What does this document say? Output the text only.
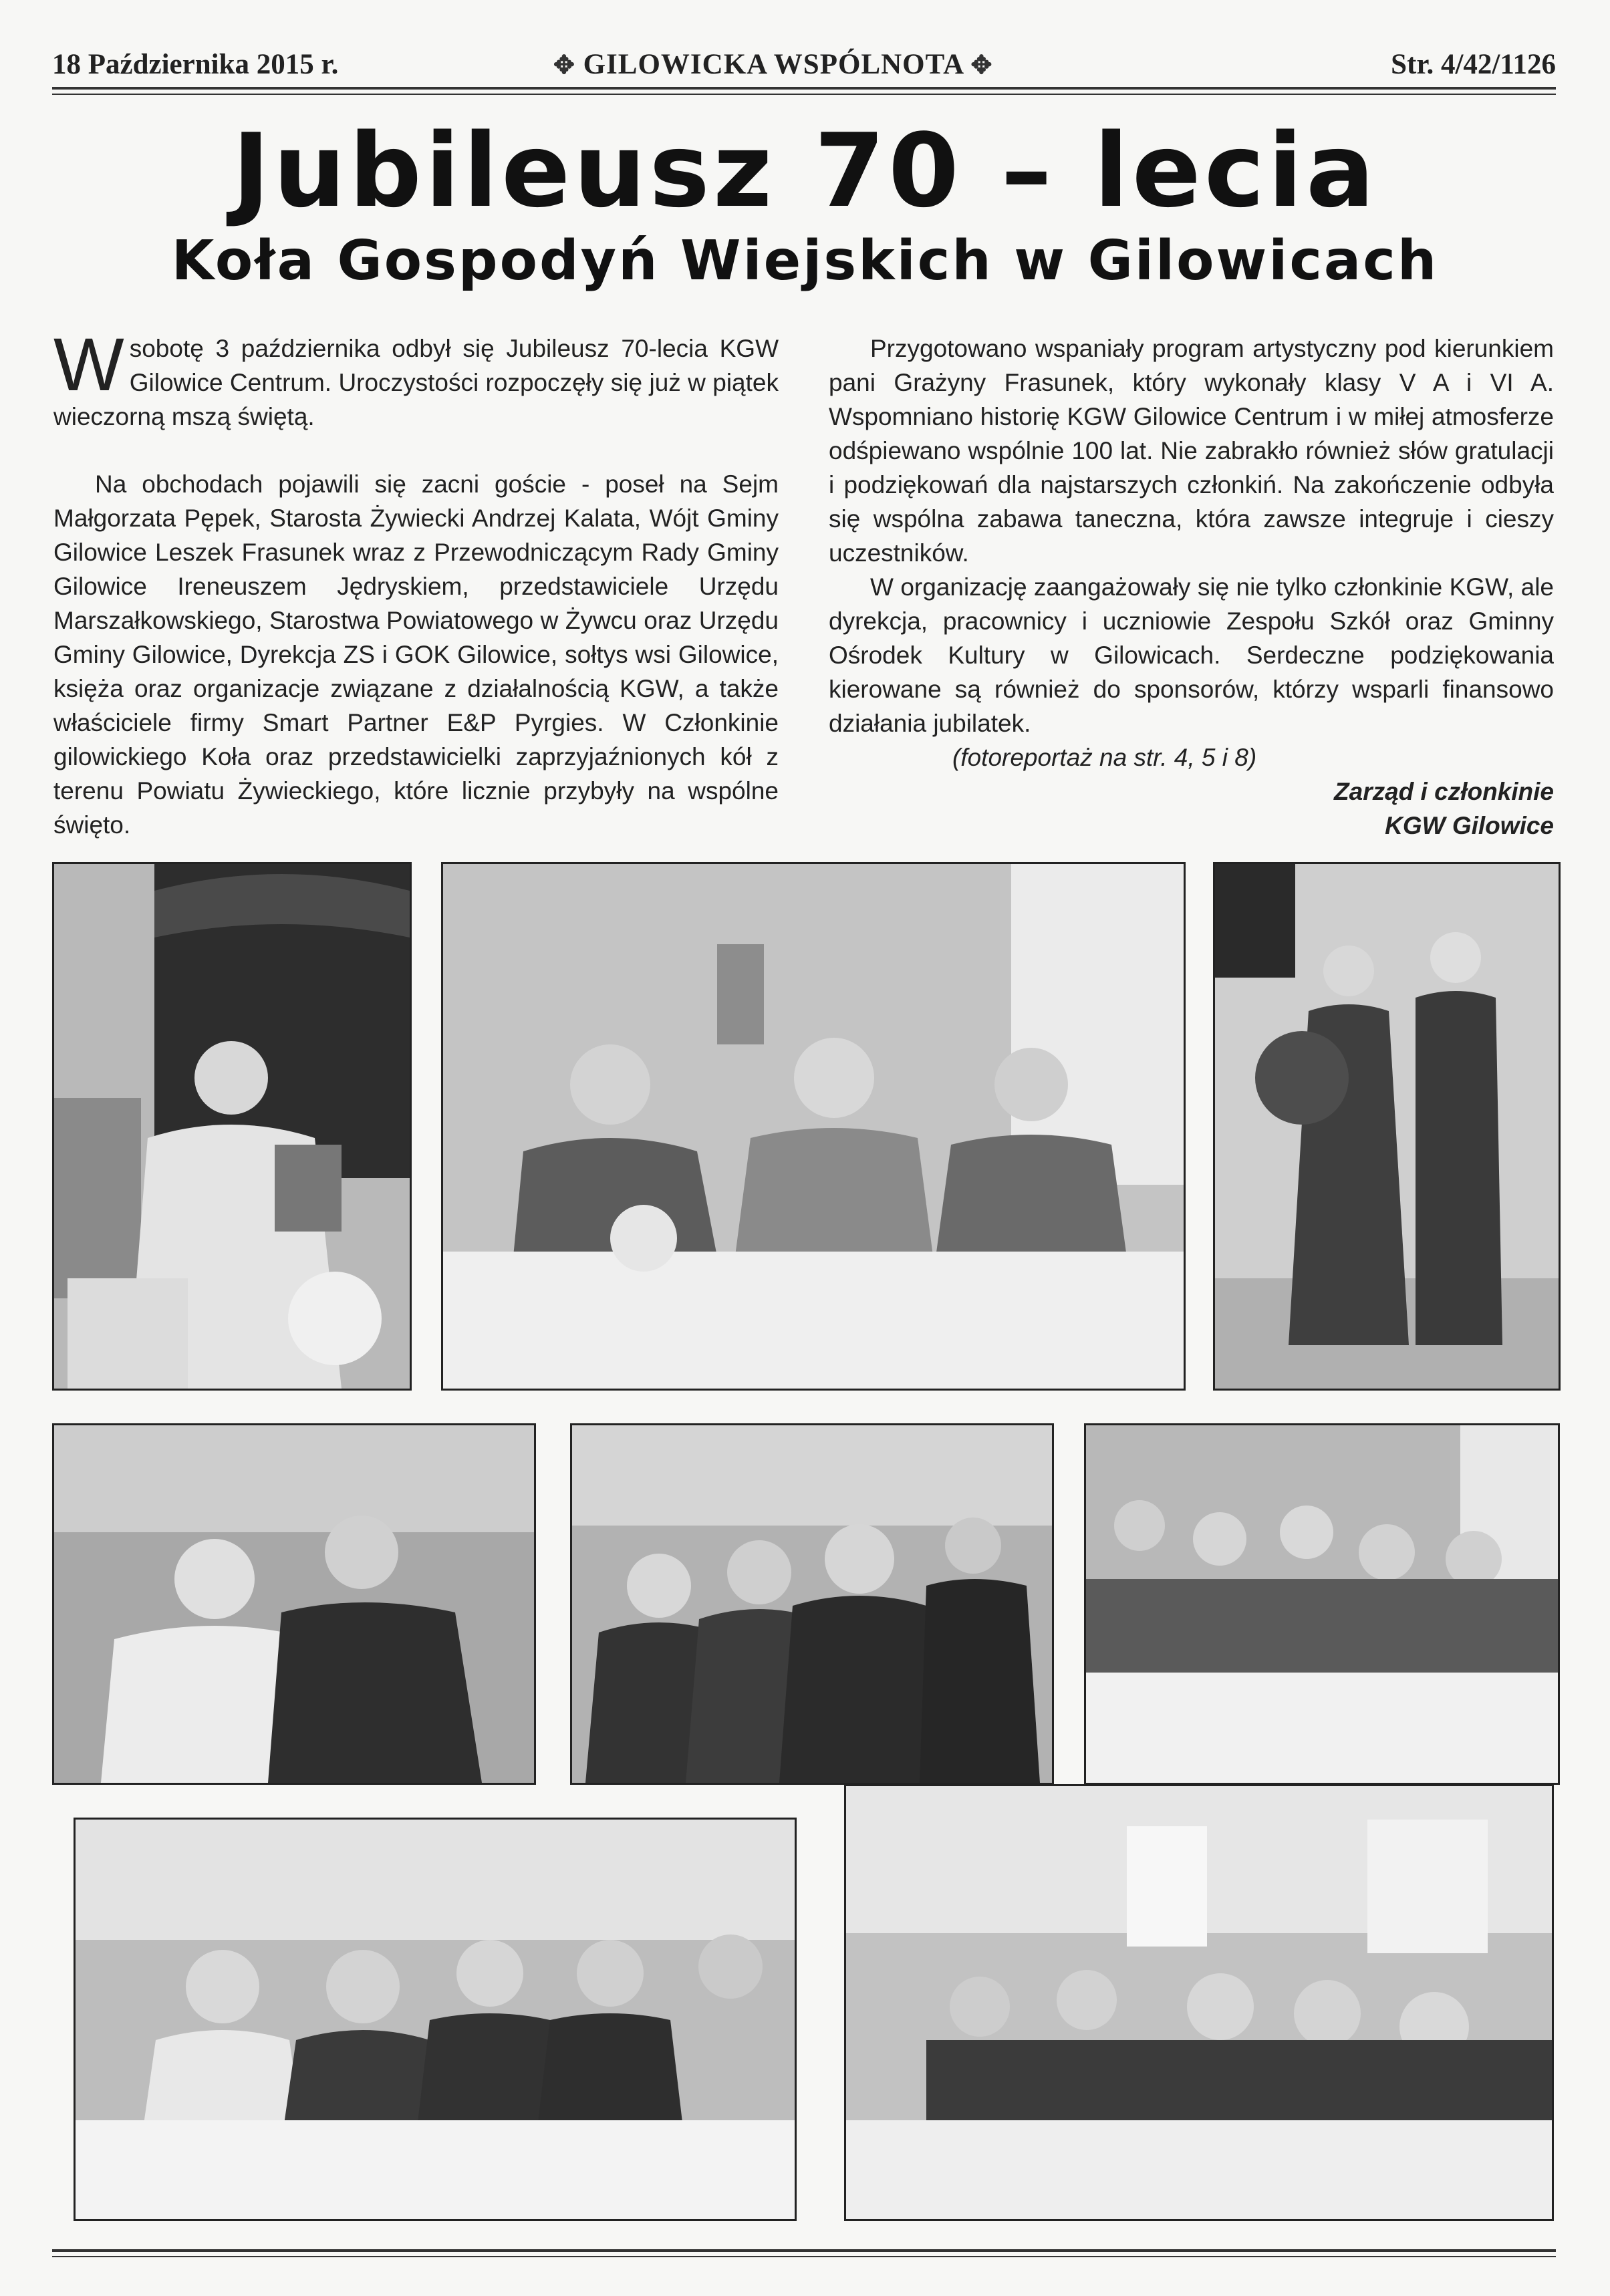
18 Października 2015 r.	✥ GILOWICKA WSPÓLNOTA ✥	Str. 4/42/1126
Jubileusz 70 – lecia
Koła Gospodyń Wiejskich w Gilowicach

Wsobotę 3 października odbył się Jubileusz 70-lecia KGW Gilowice Centrum. Uroczystości rozpoczęły się już w piątek wieczorną mszą świętą.

Na obchodach pojawili się zacni goście - poseł na Sejm Małgorzata Pępek, Starosta Żywiecki Andrzej Kalata, Wójt Gminy Gilowice Leszek Frasunek wraz z Przewodniczącym Rady Gminy Gilowice Ireneuszem Jędryskiem, przedstawiciele Urzędu Marszałkowskiego, Starostwa Powiatowego w Żywcu oraz Urzędu Gminy Gilowice, Dyrekcja ZS i GOK Gilowice, sołtys wsi Gilowice, księża oraz organizacje związane z działalnością KGW, a także właściciele firmy Smart Partner E&P Pyrgies. W Członkinie gilowickiego Koła oraz przedstawicielki zaprzyjaźnionych kół z terenu Powiatu Żywieckiego, które licznie przybyły na wspólne święto.

Przygotowano wspaniały program artystyczny pod kierunkiem pani Grażyny Frasunek, który wykonały klasy V A i VI A. Wspomniano historię KGW Gilowice Centrum i w miłej atmosferze odśpiewano wspólnie 100 lat. Nie zabrakło również słów gratulacji i podziękowań dla najstarszych członkiń. Na zakończenie odbyła się wspólna zabawa taneczna, która zawsze integruje i cieszy uczestników.

W organizację zaangażowały się nie tylko członkinie KGW, ale dyrekcja, pracownicy i uczniowie Zespołu Szkół oraz Gminny Ośrodek Kultury w Gilowicach. Serdeczne podziękowania kierowane są również do sponsorów, którzy wsparli finansowo działania jubilatek.

(fotoreportaż na str. 4, 5 i 8)

Zarząd i członkinie
KGW Gilowice
